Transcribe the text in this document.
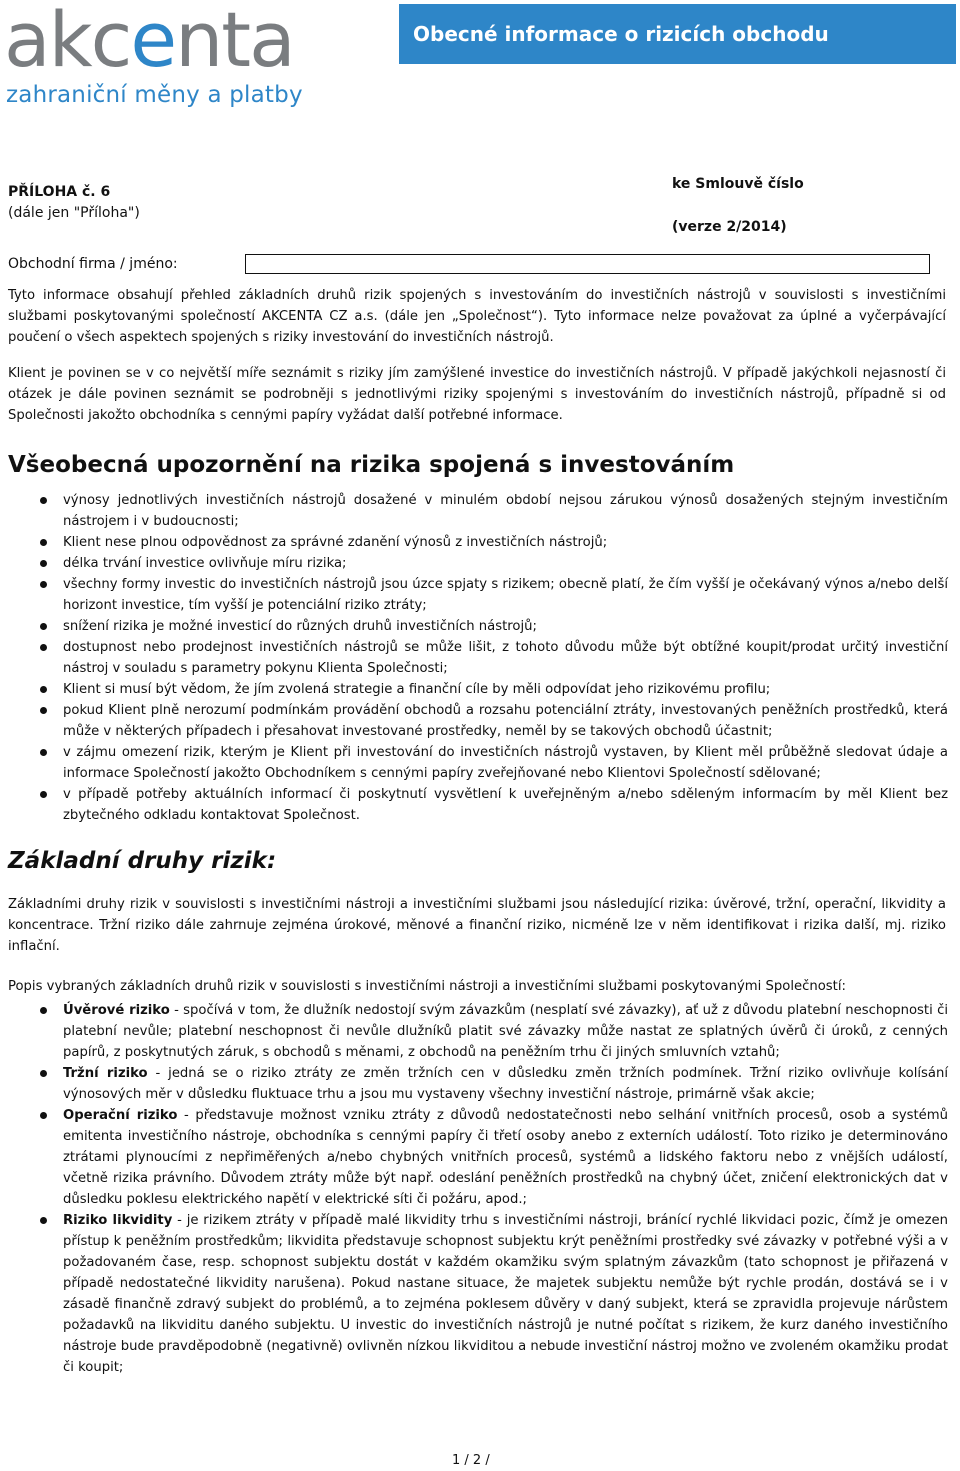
akcenta
zahraniční měny a platby
Obecné informace o rizicích obchodu
PŘÍLOHA č. 6
(dále jen "Příloha")
ke Smlouvě číslo
(verze 2/2014)
Obchodní firma / jméno:
Tyto informace obsahují přehled základních druhů rizik spojených s investováním do investičních nástrojů v souvislosti s investičními službami poskytovanými společností AKCENTA CZ a.s. (dále jen „Společnost“). Tyto informace nelze považovat za úplné a vyčerpávající poučení o všech aspektech spojených s riziky investování do investičních nástrojů.
Klient je povinen se v co největší míře seznámit s riziky jím zamýšlené investice do investičních nástrojů. V případě jakýchkoli nejasností či otázek je dále povinen seznámit se podrobněji s jednotlivými riziky spojenými s investováním do investičních nástrojů, případně si od Společnosti jakožto obchodníka s cennými papíry vyžádat další potřebné informace.
Všeobecná upozornění na rizika spojená s investováním
výnosy jednotlivých investičních nástrojů dosažené v minulém období nejsou zárukou výnosů dosažených stejným investičním nástrojem i v budoucnosti;
Klient nese plnou odpovědnost za správné zdanění výnosů z investičních nástrojů;
délka trvání investice ovlivňuje míru rizika;
všechny formy investic do investičních nástrojů jsou úzce spjaty s rizikem; obecně platí, že čím vyšší je očekávaný výnos a/nebo delší horizont investice, tím vyšší je potenciální riziko ztráty;
snížení rizika je možné investicí do různých druhů investičních nástrojů;
dostupnost nebo prodejnost investičních nástrojů se může lišit, z tohoto důvodu může být obtížné koupit/prodat určitý investiční nástroj v souladu s parametry pokynu Klienta Společnosti;
Klient si musí být vědom, že jím zvolená strategie a finanční cíle by měli odpovídat jeho rizikovému profilu;
pokud Klient plně nerozumí podmínkám provádění obchodů a rozsahu potenciální ztráty, investovaných peněžních prostředků, která může v některých případech i přesahovat investované prostředky, neměl by se takových obchodů účastnit;
v zájmu omezení rizik, kterým je Klient při investování do investičních nástrojů vystaven, by Klient měl průběžně sledovat údaje a informace Společností jakožto Obchodníkem s cennými papíry zveřejňované nebo Klientovi Společností sdělované;
v případě potřeby aktuálních informací či poskytnutí vysvětlení k uveřejněným a/nebo sděleným informacím by měl Klient bez zbytečného odkladu kontaktovat Společnost.
Základní druhy rizik:
Základními druhy rizik v souvislosti s investičními nástroji a investičními službami jsou následující rizika: úvěrové, tržní, operační, likvidity a koncentrace. Tržní riziko dále zahrnuje zejména úrokové, měnové a finanční riziko, nicméně lze v něm identifikovat i rizika další, mj. riziko inflační.
Popis vybraných základních druhů rizik v souvislosti s investičními nástroji a investičními službami poskytovanými Společností:
Úvěrové riziko - spočívá v tom, že dlužník nedostojí svým závazkům (nesplatí své závazky), ať už z důvodu platební neschopnosti či platební nevůle; platební neschopnost či nevůle dlužníků platit své závazky může nastat ze splatných úvěrů či úroků, z cenných papírů, z poskytnutých záruk, s obchodů s měnami, z obchodů na peněžním trhu či jiných smluvních vztahů;
Tržní riziko - jedná se o riziko ztráty ze změn tržních cen v důsledku změn tržních podmínek. Tržní riziko ovlivňuje kolísání výnosových měr v důsledku fluktuace trhu a jsou mu vystaveny všechny investiční nástroje, primárně však akcie;
Operační riziko - představuje možnost vzniku ztráty z důvodů nedostatečnosti nebo selhání vnitřních procesů, osob a systémů emitenta investičního nástroje, obchodníka s cennými papíry či třetí osoby anebo z externích událostí. Toto riziko je determinováno ztrátami plynoucími z nepřiměřených a/nebo chybných vnitřních procesů, systémů a lidského faktoru nebo z vnějších událostí, včetně rizika právního. Důvodem ztráty může být např. odeslání peněžních prostředků na chybný účet, zničení elektronických dat v důsledku poklesu elektrického napětí v elektrické síti či požáru, apod.;
Riziko likvidity - je rizikem ztráty v případě malé likvidity trhu s investičními nástroji, bránící rychlé likvidaci pozic, čímž je omezen přístup k peněžním prostředkům; likvidita představuje schopnost subjektu krýt peněžními prostředky své závazky v potřebné výši a v požadovaném čase, resp. schopnost subjektu dostát v každém okamžiku svým splatným závazkům (tato schopnost je přiřazená v případě nedostatečné likvidity narušena). Pokud nastane situace, že majetek subjektu nemůže být rychle prodán, dostává se i v zásadě finančně zdravý subjekt do problémů, a to zejména poklesem důvěry v daný subjekt, která se zpravidla projevuje nárůstem požadavků na likviditu daného subjektu. U investic do investičních nástrojů je nutné počítat s rizikem, že kurz daného investičního nástroje bude pravděpodobně (negativně) ovlivněn nízkou likviditou a nebude investiční nástroj možno ve zvoleném okamžiku prodat či koupit;
1 / 2 /
